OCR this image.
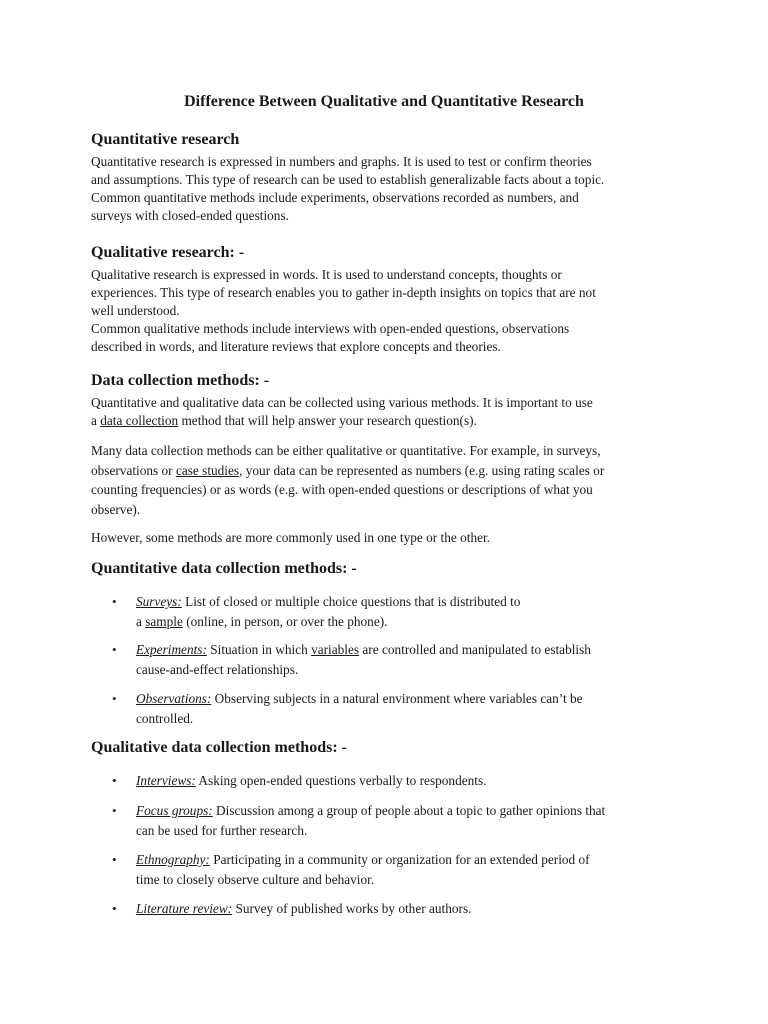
Difference Between Qualitative and Quantitative Research
Quantitative research
Quantitative research is expressed in numbers and graphs. It is used to test or confirm theories
and assumptions. This type of research can be used to establish generalizable facts about a topic.
Common quantitative methods include experiments, observations recorded as numbers, and
surveys with closed-ended questions.
Qualitative research: -
Qualitative research is expressed in words. It is used to understand concepts, thoughts or
experiences. This type of research enables you to gather in-depth insights on topics that are not
well understood.
Common qualitative methods include interviews with open-ended questions, observations
described in words, and literature reviews that explore concepts and theories.
Data collection methods: -
Quantitative and qualitative data can be collected using various methods. It is important to use
a data collection method that will help answer your research question(s).
Many data collection methods can be either qualitative or quantitative. For example, in surveys,
observations or case studies, your data can be represented as numbers (e.g. using rating scales or
counting frequencies) or as words (e.g. with open-ended questions or descriptions of what you
observe).
However, some methods are more commonly used in one type or the other.
Quantitative data collection methods: -
• Surveys: List of closed or multiple choice questions that is distributed to
a sample (online, in person, or over the phone).
• Experiments: Situation in which variables are controlled and manipulated to establish
cause-and-effect relationships.
• Observations: Observing subjects in a natural environment where variables can’t be
controlled.
Qualitative data collection methods: -
• Interviews: Asking open-ended questions verbally to respondents.
• Focus groups: Discussion among a group of people about a topic to gather opinions that
can be used for further research.
• Ethnography: Participating in a community or organization for an extended period of
time to closely observe culture and behavior.
• Literature review: Survey of published works by other authors.
